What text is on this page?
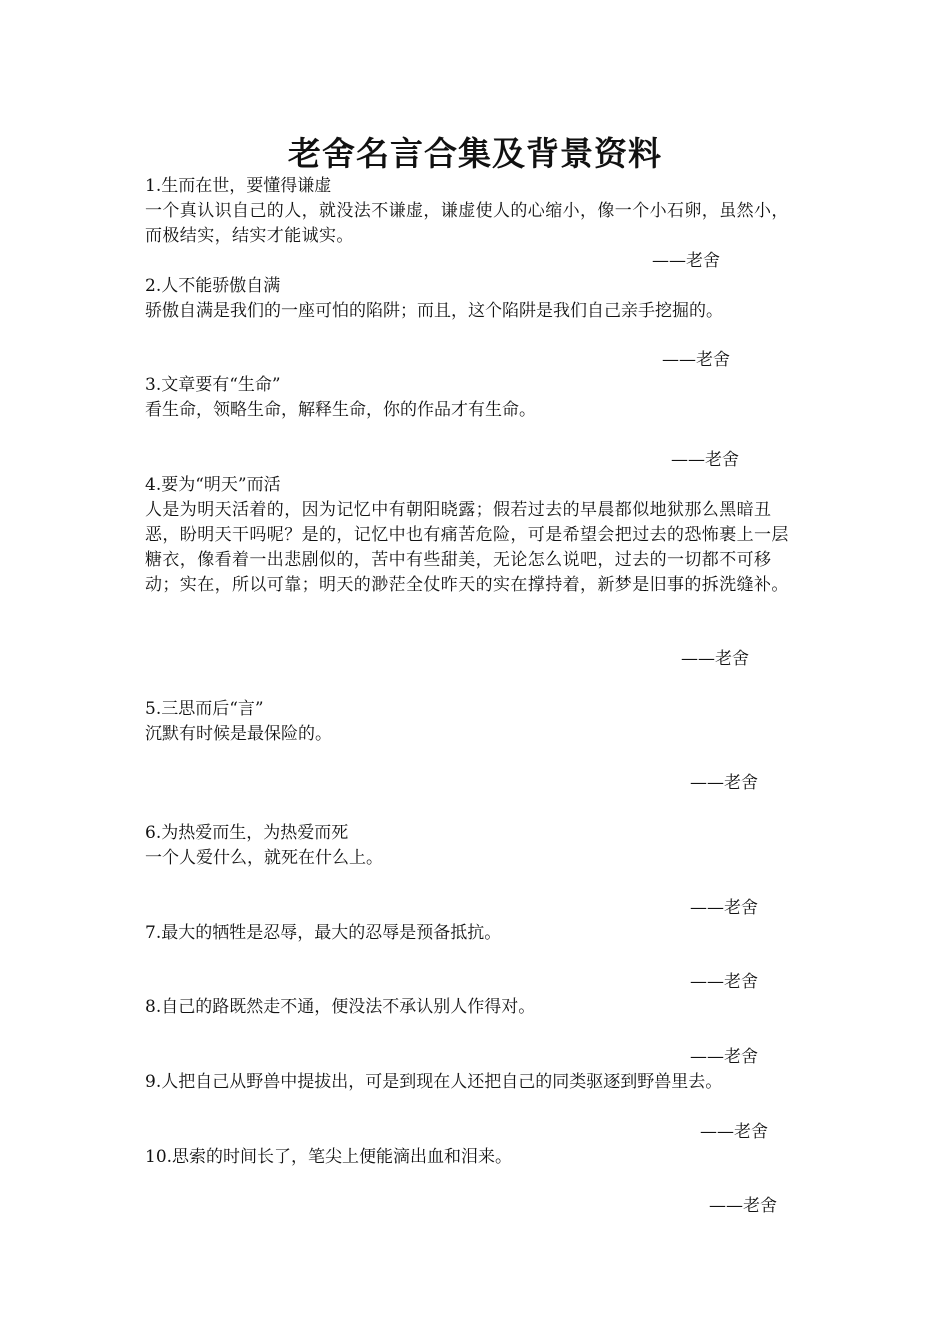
老舍名言合集及背景资料
1.生而在世，要懂得谦虚
一个真认识自己的人，就没法不谦虚，谦虚使人的心缩小，像一个小石卵，虽然小，而极结实，结实才能诚实。
——老舍
2.人不能骄傲自满
骄傲自满是我们的一座可怕的陷阱；而且，这个陷阱是我们自己亲手挖掘的。
——老舍
3.文章要有“生命”
看生命，领略生命，解释生命，你的作品才有生命。
——老舍
4.要为“明天”而活
人是为明天活着的，因为记忆中有朝阳晓露；假若过去的早晨都似地狱那么黑暗丑恶，盼明天干吗呢？是的，记忆中也有痛苦危险，可是希望会把过去的恐怖裹上一层糖衣，像看着一出悲剧似的，苦中有些甜美，无论怎么说吧，过去的一切都不可移动；实在，所以可靠；明天的渺茫全仗昨天的实在撑持着，新梦是旧事的拆洗缝补。
——老舍
5.三思而后“言”
沉默有时候是最保险的。
——老舍
6.为热爱而生，为热爱而死
一个人爱什么，就死在什么上。
——老舍
7.最大的牺牲是忍辱，最大的忍辱是预备抵抗。
——老舍
8.自己的路既然走不通，便没法不承认别人作得对。
——老舍
9.人把自己从野兽中提拔出，可是到现在人还把自己的同类驱逐到野兽里去。
——老舍
10.思索的时间长了，笔尖上便能滴出血和泪来。
——老舍
